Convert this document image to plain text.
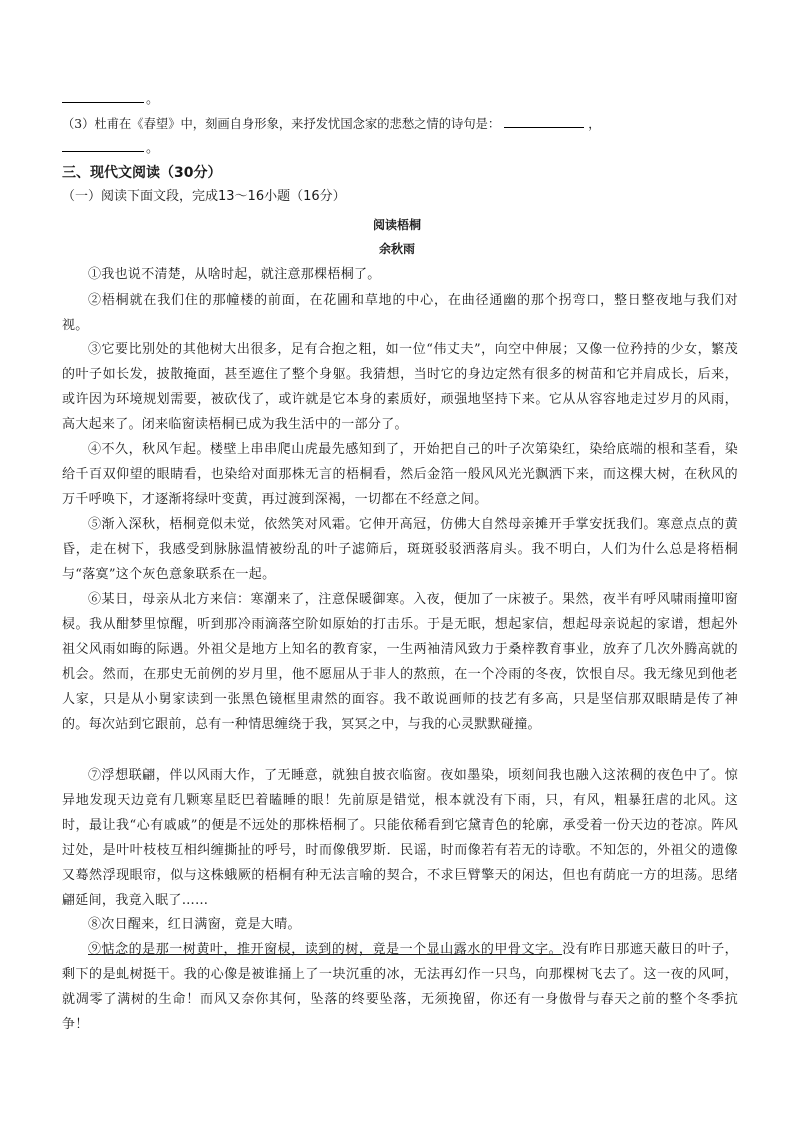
。
（3）杜甫在《春望》中，刻画自身形象，来抒发忧国念家的悲愁之情的诗句是：	，
。
三、现代文阅读（30分）
（一）阅读下面文段，完成13～16小题（16分）
阅读梧桐
余秋雨
①我也说不清楚，从啥时起，就注意那棵梧桐了。
②梧桐就在我们住的那幢楼的前面，在花圃和草地的中心，在曲径通幽的那个拐弯口，整日整夜地与我们对视。
③它要比别处的其他树大出很多，足有合抱之粗，如一位“伟丈夫”，向空中伸展；又像一位矜持的少女，繁茂的叶子如长发，披散掩面，甚至遮住了整个身躯。我猜想，当时它的身边定然有很多的树苗和它并肩成长，后来，或许因为环境规划需要，被砍伐了，或许就是它本身的素质好，顽强地坚持下来。它从从容容地走过岁月的风雨，高大起来了。闭来临窗读梧桐已成为我生活中的一部分了。
④不久，秋风乍起。楼壁上串串爬山虎最先感知到了，开始把自己的叶子次第染红，染给底端的根和茎看，染给千百双仰望的眼睛看，也染给对面那株无言的梧桐看，然后金箔一般风风光光飘洒下来，而这棵大树，在秋风的万千呼唤下，才逐渐将绿叶变黄，再过渡到深褐，一切都在不经意之间。
⑤渐入深秋，梧桐竟似未觉，依然笑对风霜。它伸开高冠，仿佛大自然母亲摊开手掌安抚我们。寒意点点的黄昏，走在树下，我感受到脉脉温情被纷乱的叶子滤筛后，斑斑驳驳洒落肩头。我不明白，人们为什么总是将梧桐与“落寞”这个灰色意象联系在一起。
⑥某日，母亲从北方来信：寒潮来了，注意保暖御寒。入夜，便加了一床被子。果然，夜半有呼风啸雨撞叩窗棂。我从酣梦里惊醒，听到那冷雨滴落空阶如原始的打击乐。于是无眠，想起家信，想起母亲说起的家谱，想起外祖父风雨如晦的际遇。外祖父是地方上知名的教育家，一生两袖清风致力于桑梓教育事业，放弃了几次外腾高就的机会。然而，在那史无前例的岁月里，他不愿屈从于非人的熬煎，在一个冷雨的冬夜，饮恨自尽。我无缘见到他老人家，只是从小舅家读到一张黑色镜框里肃然的面容。我不敢说画师的技艺有多高，只是坚信那双眼睛是传了神的。每次站到它跟前，总有一种情思缠绕于我，冥冥之中，与我的心灵默默碰撞。
⑦浮想联翩，伴以风雨大作，了无睡意，就独自披衣临窗。夜如墨染，顷刻间我也融入这浓稠的夜色中了。惊异地发现天边竟有几颗寒星眨巴着瞌睡的眼！先前原是错觉，根本就没有下雨，只，有风，粗暴狂虐的北风。这时，最让我“心有戚戚”的便是不远处的那株梧桐了。只能依稀看到它黛青色的轮廓，承受着一份天边的苍凉。阵风过处，是叶叶枝枝互相纠缠撕扯的呼号，时而像俄罗斯．民谣，时而像若有若无的诗歌。不知怎的，外祖父的遗像又蓦然浮现眼帘，似与这株蛾厥的梧桐有种无法言喻的契合，不求巨臂擎天的闲达，但也有荫庇一方的坦荡。思绪翩延间，我竟入眠了……
⑧次日醒来，红日满窗，竟是大晴。
⑨惦念的是那一树黄叶，推开窗棂，读到的树，竟是一个显山露水的甲骨文字。没有昨日那遮天蔽日的叶子，剩下的是虬树挺干。我的心像是被谁捅上了一块沉重的冰，无法再幻作一只鸟，向那棵树飞去了。这一夜的风呵，就凋零了满树的生命！而风又奈你其何，坠落的终要坠落，无须挽留，你还有一身傲骨与春天之前的整个冬季抗争！
